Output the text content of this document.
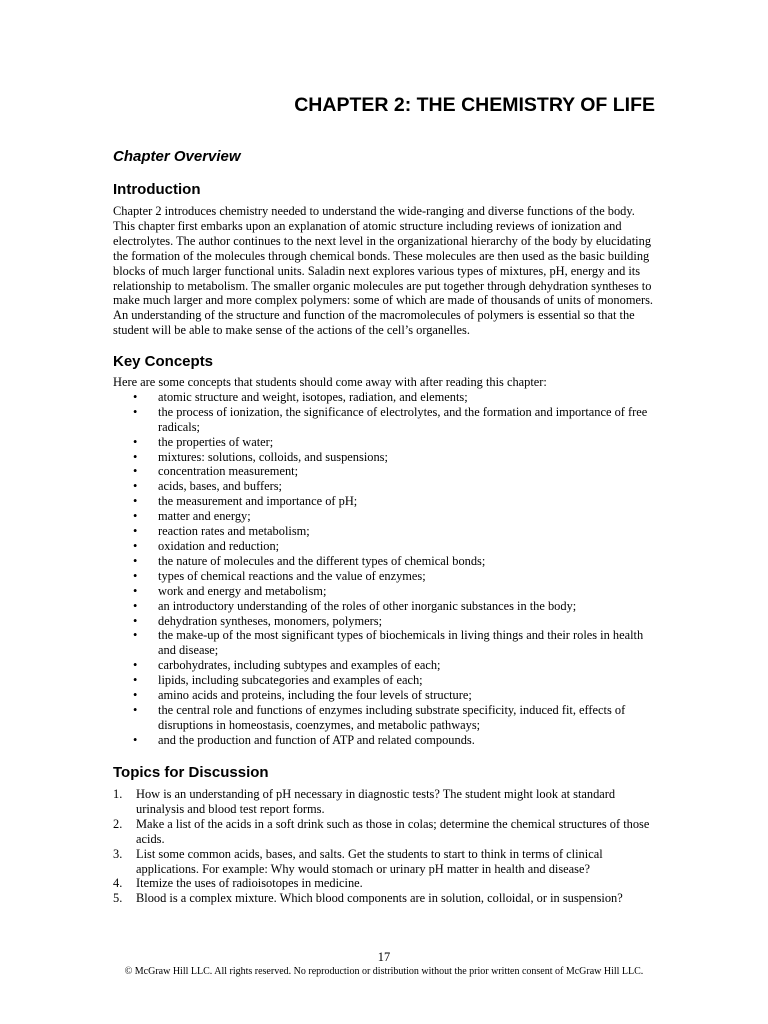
CHAPTER 2: THE CHEMISTRY OF LIFE
Chapter Overview
Introduction

Chapter 2 introduces chemistry needed to understand the wide-ranging and diverse functions of the body. This chapter first embarks upon an explanation of atomic structure including reviews of ionization and electrolytes. The author continues to the next level in the organizational hierarchy of the body by elucidating the formation of the molecules through chemical bonds. These molecules are then used as the basic building blocks of much larger functional units. Saladin next explores various types of mixtures, pH, energy and its relationship to metabolism. The smaller organic molecules are put together through dehydration syntheses to make much larger and more complex polymers: some of which are made of thousands of units of monomers. An understanding of the structure and function of the macromolecules of polymers is essential so that the student will be able to make sense of the actions of the cell’s organelles.

Key Concepts

Here are some concepts that students should come away with after reading this chapter:

• atomic structure and weight, isotopes, radiation, and elements;
• the process of ionization, the significance of electrolytes, and the formation and importance of free radicals;
• the properties of water;
• mixtures: solutions, colloids, and suspensions;
• concentration measurement;
• acids, bases, and buffers;
• the measurement and importance of pH;
• matter and energy;
• reaction rates and metabolism;
• oxidation and reduction;
• the nature of molecules and the different types of chemical bonds;
• types of chemical reactions and the value of enzymes;
• work and energy and metabolism;
• an introductory understanding of the roles of other inorganic substances in the body;
• dehydration syntheses, monomers, polymers;
• the make-up of the most significant types of biochemicals in living things and their roles in health and disease;
• carbohydrates, including subtypes and examples of each;
• lipids, including subcategories and examples of each;
• amino acids and proteins, including the four levels of structure;
• the central role and functions of enzymes including substrate specificity, induced fit, effects of disruptions in homeostasis, coenzymes, and metabolic pathways;
• and the production and function of ATP and related compounds.
Topics for Discussion
1. How is an understanding of pH necessary in diagnostic tests? The student might look at standard urinalysis and blood test report forms.
2. Make a list of the acids in a soft drink such as those in colas; determine the chemical structures of those acids.
3. List some common acids, bases, and salts. Get the students to start to think in terms of clinical applications. For example: Why would stomach or urinary pH matter in health and disease?
4. Itemize the uses of radioisotopes in medicine.
5. Blood is a complex mixture. Which blood components are in solution, colloidal, or in suspension?
17
© McGraw Hill LLC. All rights reserved. No reproduction or distribution without the prior written consent of McGraw Hill LLC.
